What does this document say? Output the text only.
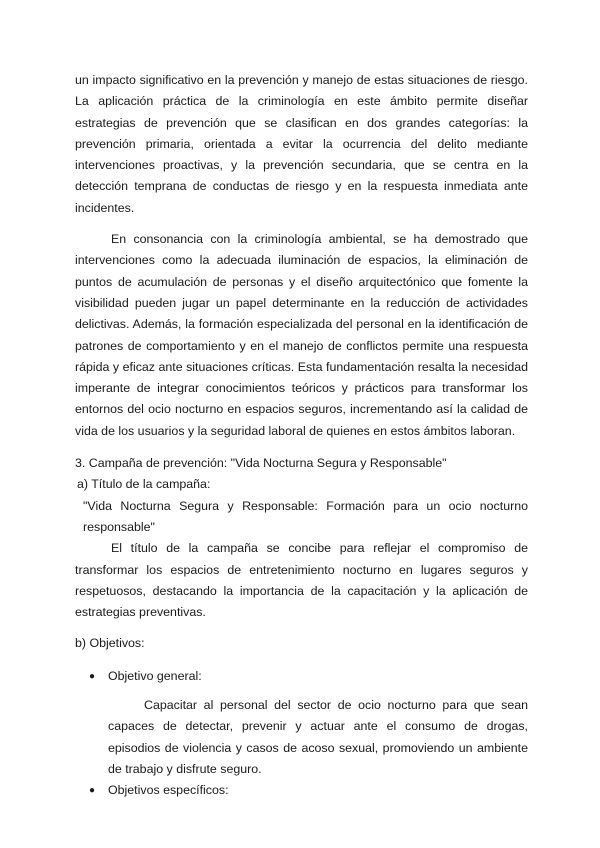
un impacto significativo en la prevención y manejo de estas situaciones de riesgo. La aplicación práctica de la criminología en este ámbito permite diseñar estrategias de prevención que se clasifican en dos grandes categorías: la prevención primaria, orientada a evitar la ocurrencia del delito mediante intervenciones proactivas, y la prevención secundaria, que se centra en la detección temprana de conductas de riesgo y en la respuesta inmediata ante incidentes.

En consonancia con la criminología ambiental, se ha demostrado que intervenciones como la adecuada iluminación de espacios, la eliminación de puntos de acumulación de personas y el diseño arquitectónico que fomente la visibilidad pueden jugar un papel determinante en la reducción de actividades delictivas. Además, la formación especializada del personal en la identificación de patrones de comportamiento y en el manejo de conflictos permite una respuesta rápida y eficaz ante situaciones críticas. Esta fundamentación resalta la necesidad imperante de integrar conocimientos teóricos y prácticos para transformar los entornos del ocio nocturno en espacios seguros, incrementando así la calidad de vida de los usuarios y la seguridad laboral de quienes en estos ámbitos laboran.

3. Campaña de prevención: "Vida Nocturna Segura y Responsable"

a) Título de la campaña:

"Vida Nocturna Segura y Responsable: Formación para un ocio nocturno responsable"

El título de la campaña se concibe para reflejar el compromiso de transformar los espacios de entretenimiento nocturno en lugares seguros y respetuosos, destacando la importancia de la capacitación y la aplicación de estrategias preventivas.

b) Objetivos:

● Objetivo general:
Capacitar al personal del sector de ocio nocturno para que sean capaces de detectar, prevenir y actuar ante el consumo de drogas, episodios de violencia y casos de acoso sexual, promoviendo un ambiente de trabajo y disfrute seguro.
● Objetivos específicos:
